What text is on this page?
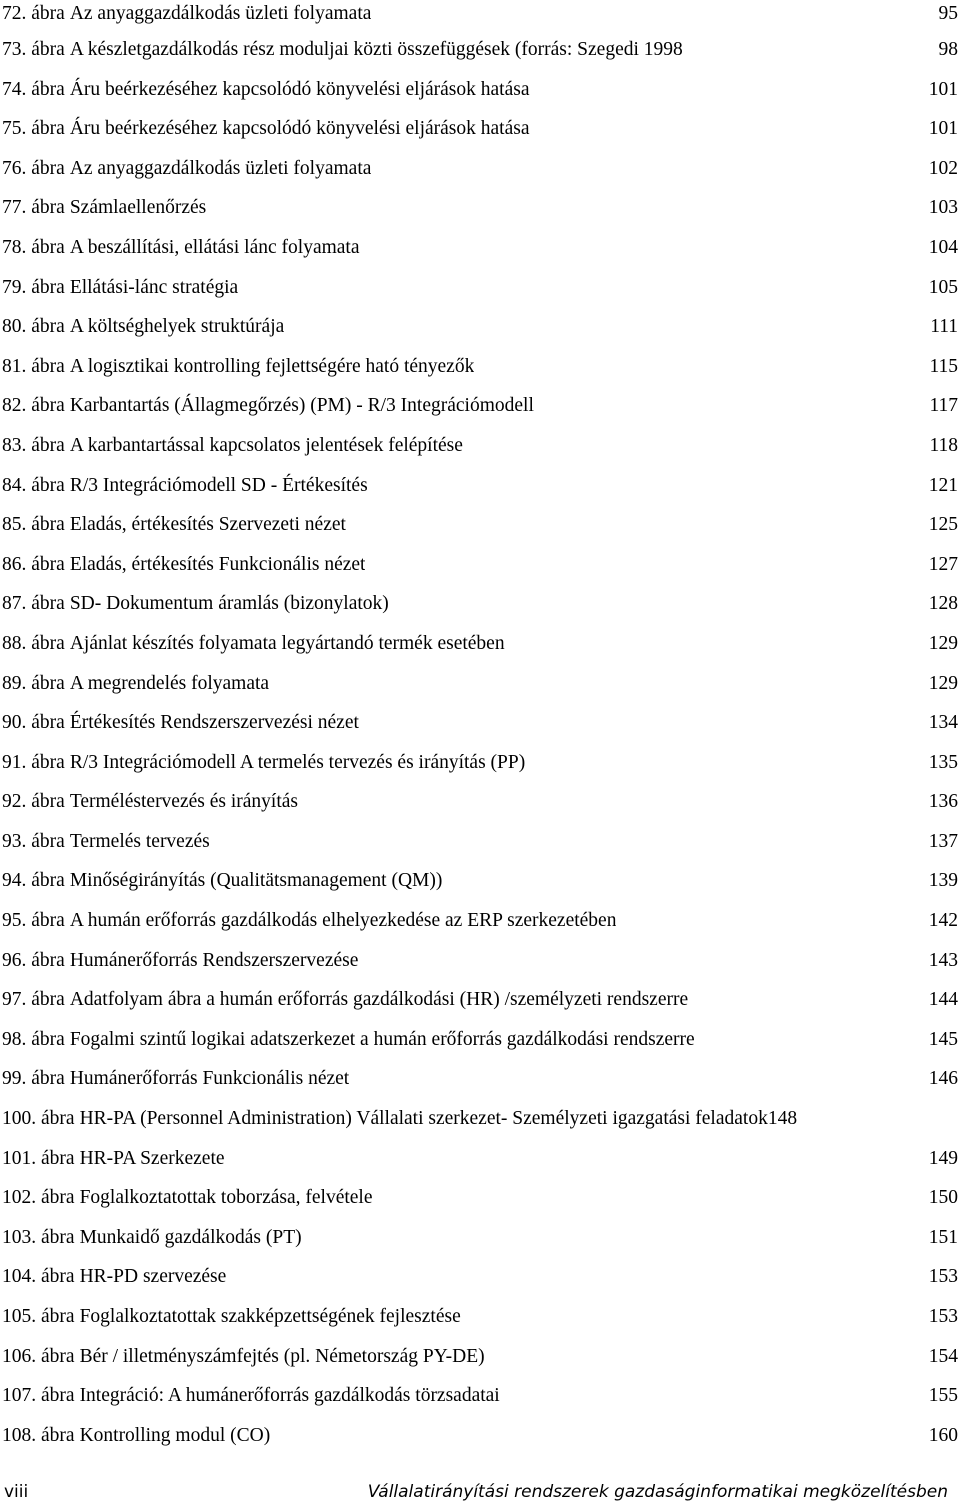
72. ábra Az anyaggazdálkodás üzleti folyamata	95
73. ábra A készletgazdálkodás rész moduljai közti összefüggések (forrás: Szegedi 1998	98
74. ábra Áru beérkezéséhez kapcsolódó könyvelési eljárások hatása	101
75. ábra Áru beérkezéséhez kapcsolódó könyvelési eljárások hatása	101
76. ábra Az anyaggazdálkodás üzleti folyamata	102
77. ábra Számlaellenőrzés	103
78. ábra A beszállítási, ellátási lánc folyamata	104
79. ábra Ellátási-lánc stratégia	105
80. ábra A költséghelyek struktúrája	111
81. ábra A logisztikai kontrolling fejlettségére ható tényezők	115
82. ábra Karbantartás (Állagmegőrzés) (PM) - R/3 Integrációmodell	117
83. ábra A karbantartással kapcsolatos jelentések felépítése	118
84. ábra R/3 Integrációmodell SD - Értékesítés	121
85. ábra Eladás, értékesítés Szervezeti nézet	125
86. ábra Eladás, értékesítés Funkcionális nézet	127
87. ábra SD- Dokumentum áramlás (bizonylatok)	128
88. ábra Ajánlat készítés folyamata legyártandó termék esetében	129
89. ábra A megrendelés folyamata	129
90. ábra Értékesítés Rendszerszervezési nézet	134
91. ábra R/3 Integrációmodell A termelés tervezés és irányítás (PP)	135
92. ábra Terméléstervezés és irányítás	136
93. ábra Termelés tervezés	137
94. ábra Minőségirányítás (Qualitätsmanagement (QM))	139
95. ábra A humán erőforrás gazdálkodás elhelyezkedése az ERP szerkezetében	142
96. ábra Humánerőforrás Rendszerszervezése	143
97. ábra Adatfolyam ábra a humán erőforrás gazdálkodási (HR) /személyzeti rendszerre	144
98. ábra Fogalmi szintű logikai adatszerkezet a humán erőforrás gazdálkodási rendszerre	145
99. ábra Humánerőforrás Funkcionális nézet	146
100. ábra HR-PA (Personnel Administration) Vállalati szerkezet- Személyzeti igazgatási feladatok 148
101. ábra HR-PA Szerkezete	149
102. ábra Foglalkoztatottak toborzása, felvétele	150
103. ábra Munkaidő gazdálkodás (PT)	151
104. ábra HR-PD szervezése	153
105. ábra Foglalkoztatottak szakképzettségének fejlesztése	153
106. ábra Bér / illetményszámfejtés (pl. Németország PY-DE)	154
107. ábra Integráció: A humánerőforrás gazdálkodás törzsadatai	155
108. ábra Kontrolling modul (CO)	160
viii	Vállalatirányítási rendszerek gazdaságinformatikai megközelítésben
